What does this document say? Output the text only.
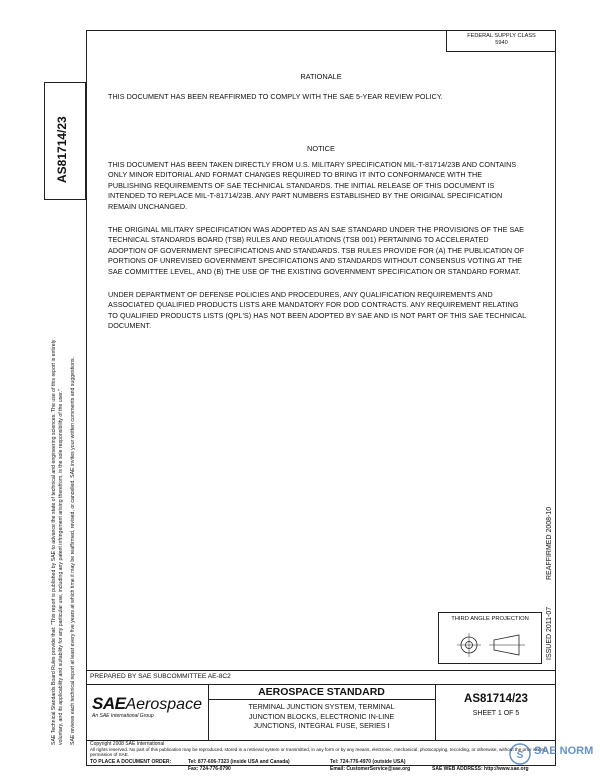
FEDERAL SUPPLY CLASS
5940
AS81714/23
SAE Technical Standards Board Rules provide that: "This report is published by SAE to advance the state of technical and engineering sciences. The use of this report is entirely voluntary, and its applicability and suitability for any particular use, including any patent infringement arising therefrom, is the sole responsibility of the user." SAE reviews each technical report at least every five years at which time it may be reaffirmed, revised, or cancelled. SAE invites your written comments and suggestions.
RATIONALE
THIS DOCUMENT HAS BEEN REAFFIRMED TO COMPLY WITH THE SAE 5-YEAR REVIEW POLICY.
NOTICE
THIS DOCUMENT HAS BEEN TAKEN DIRECTLY FROM U.S. MILITARY SPECIFICATION MIL-T-81714/23B AND CONTAINS ONLY MINOR EDITORIAL AND FORMAT CHANGES REQUIRED TO BRING IT INTO CONFORMANCE WITH THE PUBLISHING REQUIREMENTS OF SAE TECHNICAL STANDARDS. THE INITIAL RELEASE OF THIS DOCUMENT IS INTENDED TO REPLACE MIL-T-81714/23B. ANY PART NUMBERS ESTABLISHED BY THE ORIGINAL SPECIFICATION REMAIN UNCHANGED.
THE ORIGINAL MILITARY SPECIFICATION WAS ADOPTED AS AN SAE STANDARD UNDER THE PROVISIONS OF THE SAE TECHNICAL STANDARDS BOARD (TSB) RULES AND REGULATIONS (TSB 001) PERTAINING TO ACCELERATED ADOPTION OF GOVERNMENT SPECIFICATIONS AND STANDARDS. TSB RULES PROVIDE FOR (A) THE PUBLICATION OF PORTIONS OF UNREVISED GOVERNMENT SPECIFICATIONS AND STANDARDS WITHOUT CONSENSUS VOTING AT THE SAE COMMITTEE LEVEL, AND (B) THE USE OF THE EXISTING GOVERNMENT SPECIFICATION OR STANDARD FORMAT.
UNDER DEPARTMENT OF DEFENSE POLICIES AND PROCEDURES, ANY QUALIFICATION REQUIREMENTS AND ASSOCIATED QUALIFIED PRODUCTS LISTS ARE MANDATORY FOR DOD CONTRACTS. ANY REQUIREMENT RELATING TO QUALIFIED PRODUCTS LISTS (QPL'S) HAS NOT BEEN ADOPTED BY SAE AND IS NOT PART OF THIS SAE TECHNICAL DOCUMENT.
REAFFIRMED 2008-10
ISSUED 2011-07
THIRD ANGLE PROJECTION
PREPARED BY SAE SUBCOMMITTEE AE-8C2
SAEAerospace
An SAE International Group
AEROSPACE STANDARD
TERMINAL JUNCTION SYSTEM, TERMINAL
JUNCTION BLOCKS, ELECTRONIC IN-LINE
JUNCTIONS, INTEGRAL FUSE, SERIES I
AS81714/23
SHEET 1 OF 5
Copyright 2008 SAE International
All rights reserved. No part of this publication may be reproduced, stored in a retrieval system or transmitted, in any form or by any means, electronic, mechanical, photocopying, recording, or otherwise, without the prior written permission of SAE.
TO PLACE A DOCUMENT ORDER:	Tel: 877-606-7323 (inside USA and Canada)
Fax: 724-776-0790
Tel: 724-776-4970 (outside USA)
Email: CustomerService@sae.org	SAE WEB ADDRESS: http://www.sae.org
S SAE NORM
